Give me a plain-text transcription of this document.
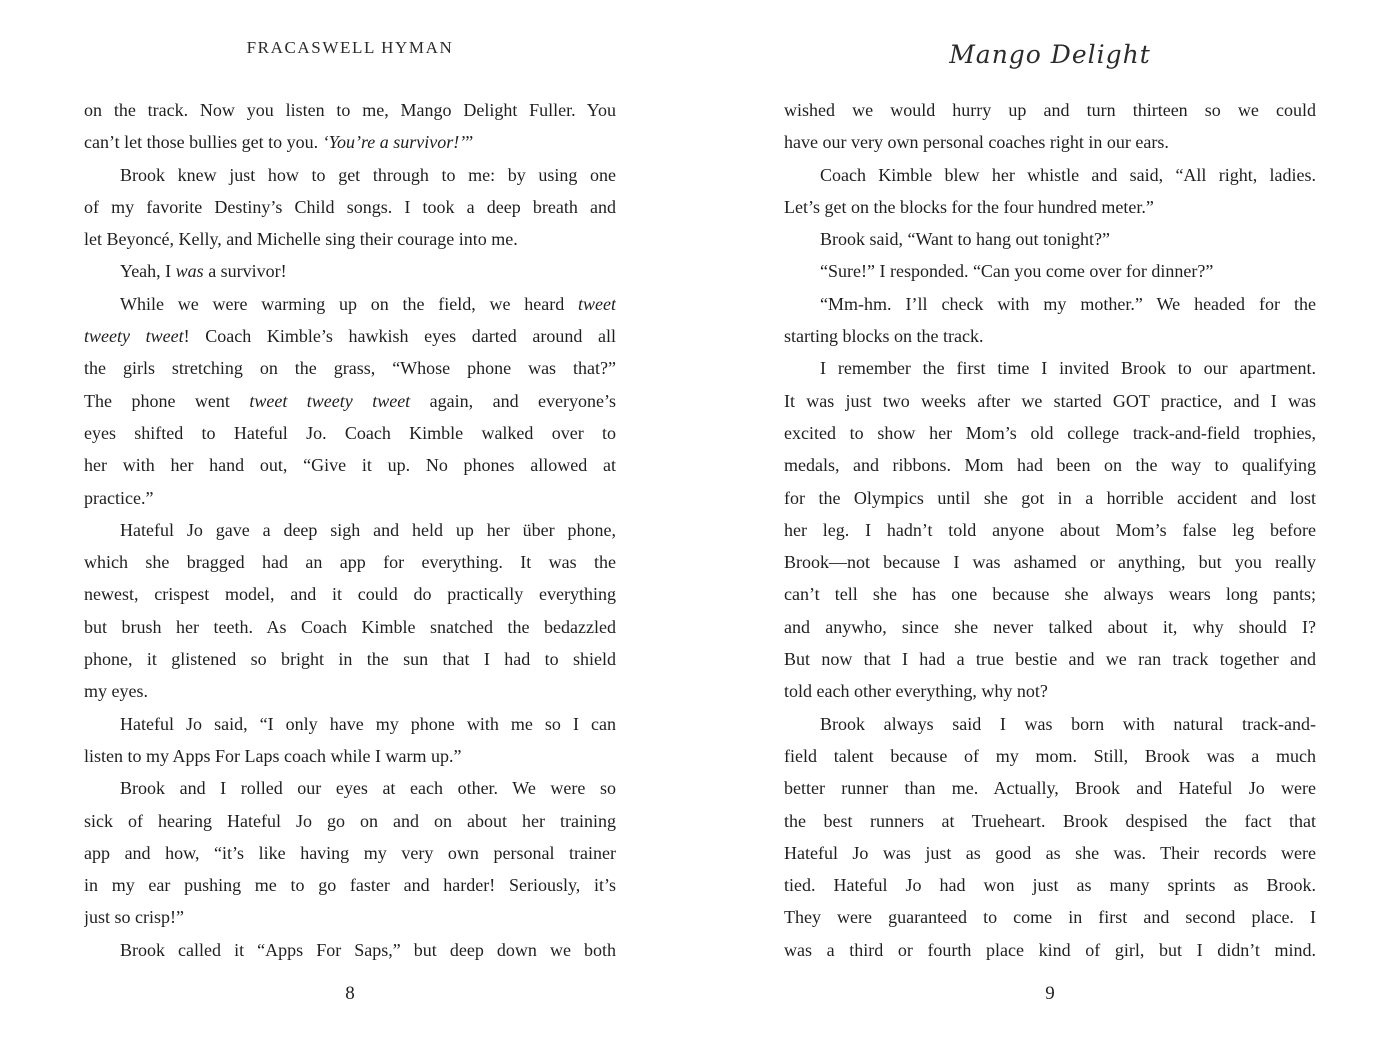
FRACASWELL HYMAN
on the track. Now you listen to me, Mango Delight Fuller. You
can’t let those bullies get to you. ‘You’re a survivor!’”
Brook knew just how to get through to me: by using one
of my favorite Destiny’s Child songs. I took a deep breath and
let Beyoncé, Kelly, and Michelle sing their courage into me.
Yeah, I was a survivor!
While we were warming up on the field, we heard tweet
tweety tweet! Coach Kimble’s hawkish eyes darted around all
the girls stretching on the grass, “Whose phone was that?”
The phone went tweet tweety tweet again, and everyone’s
eyes shifted to Hateful Jo. Coach Kimble walked over to
her with her hand out, “Give it up. No phones allowed at
practice.”
Hateful Jo gave a deep sigh and held up her über phone,
which she bragged had an app for everything. It was the
newest, crispest model, and it could do practically everything
but brush her teeth. As Coach Kimble snatched the bedazzled
phone, it glistened so bright in the sun that I had to shield
my eyes.
Hateful Jo said, “I only have my phone with me so I can
listen to my Apps For Laps coach while I warm up.”
Brook and I rolled our eyes at each other. We were so
sick of hearing Hateful Jo go on and on about her training
app and how, “it’s like having my very own personal trainer
in my ear pushing me to go faster and harder! Seriously, it’s
just so crisp!”
Brook called it “Apps For Saps,” but deep down we both
8
Mango Delight
wished we would hurry up and turn thirteen so we could
have our very own personal coaches right in our ears.
Coach Kimble blew her whistle and said, “All right, ladies.
Let’s get on the blocks for the four hundred meter.”
Brook said, “Want to hang out tonight?”
“Sure!” I responded. “Can you come over for dinner?”
“Mm-hm. I’ll check with my mother.” We headed for the
starting blocks on the track.
I remember the first time I invited Brook to our apartment.
It was just two weeks after we started GOT practice, and I was
excited to show her Mom’s old college track-and-field trophies,
medals, and ribbons. Mom had been on the way to qualifying
for the Olympics until she got in a horrible accident and lost
her leg. I hadn’t told anyone about Mom’s false leg before
Brook—not because I was ashamed or anything, but you really
can’t tell she has one because she always wears long pants;
and anywho, since she never talked about it, why should I?
But now that I had a true bestie and we ran track together and
told each other everything, why not?
Brook always said I was born with natural track-and-
field talent because of my mom. Still, Brook was a much
better runner than me. Actually, Brook and Hateful Jo were
the best runners at Trueheart. Brook despised the fact that
Hateful Jo was just as good as she was. Their records were
tied. Hateful Jo had won just as many sprints as Brook.
They were guaranteed to come in first and second place. I
was a third or fourth place kind of girl, but I didn’t mind.
9
